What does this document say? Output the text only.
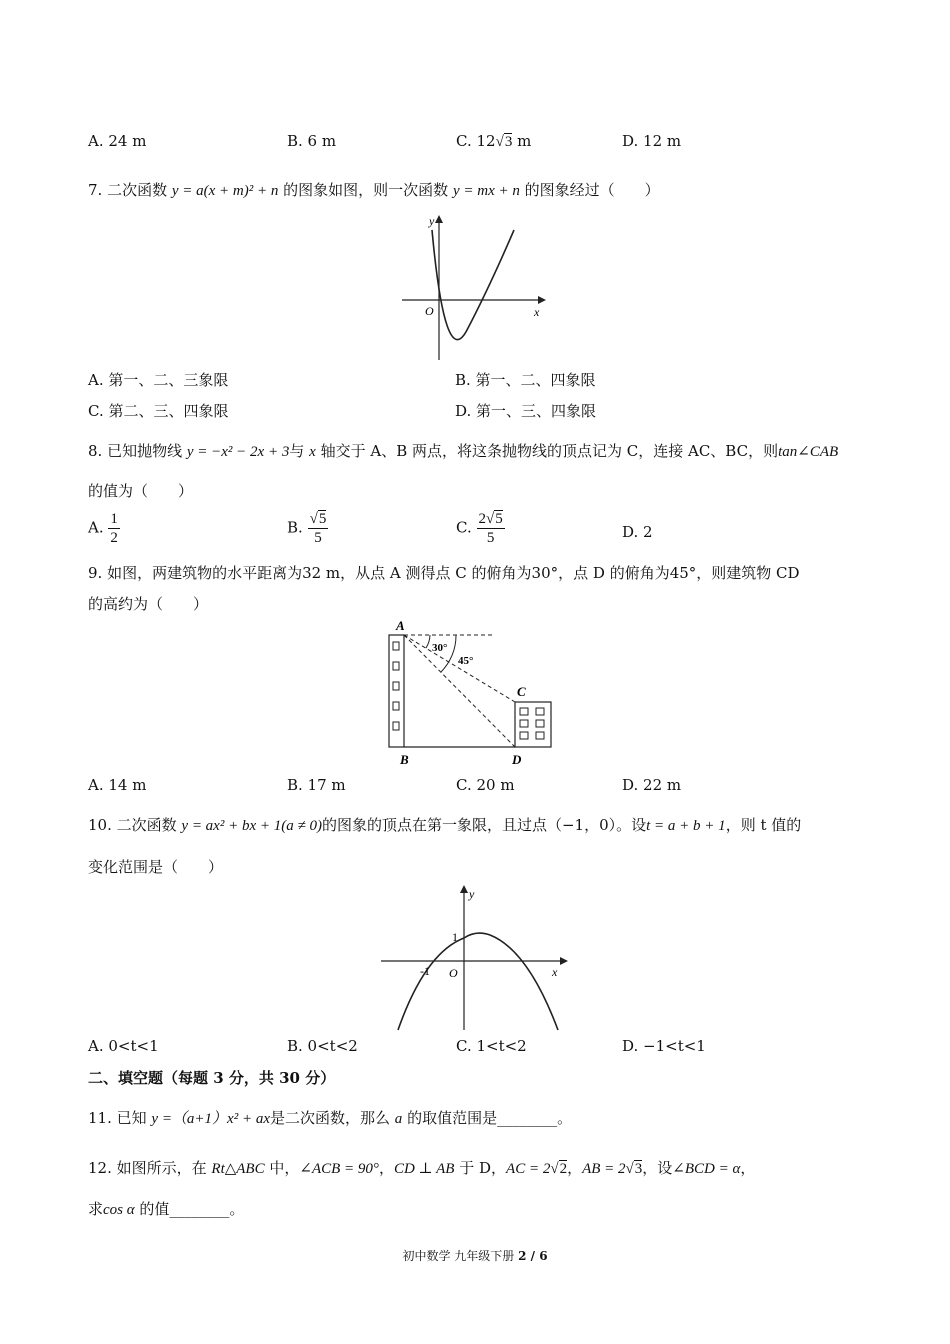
A. 24 m	B. 6 m	C. 12√3 m	D. 12 m
7. 二次函数 y = a(x + m)² + n 的图象如图，则一次函数 y = mx + n 的图象经过（　　）
y
x
O
A. 第一、二、三象限	B. 第一、二、四象限
C. 第二、三、四象限	D. 第一、三、四象限
8. 已知抛物线 y = −x² − 2x + 3与 x 轴交于 A、B 两点，将这条抛物线的顶点记为 C，连接 AC、BC，则tan∠CAB
的值为（　　）
A. $\frac{1}{2}$	B. $\frac{√5}{5}$	C. $\frac{2√5}{5}$	D. 2
9. 如图，两建筑物的水平距离为32 m，从点 A 测得点 C 的俯角为30°，点 D 的俯角为45°，则建筑物 CD
的高约为（　　）
30°
45°
A
B
C
D
A. 14 m	B. 17 m	C. 20 m	D. 22 m
10. 二次函数 y = ax² + bx + 1(a ≠ 0)的图象的顶点在第一象限，且过点（−1，0）。设t = a + b + 1，则 t 值的
变化范围是（　　）
y
x
O
1
-1
A. 0<t<1	B. 0<t<2	C. 1<t<2	D. −1<t<1
二、填空题（每题 3 分，共 30 分）
11. 已知 y =（a+1）x² + ax是二次函数，那么 a 的取值范围是________。
12. 如图所示，在 Rt△ABC 中，∠ACB = 90°，CD ⊥ AB 于 D，AC = 2√2，AB = 2√3，设∠BCD = α，
求cos α 的值________。
初中数学 九年级下册 2 / 6
